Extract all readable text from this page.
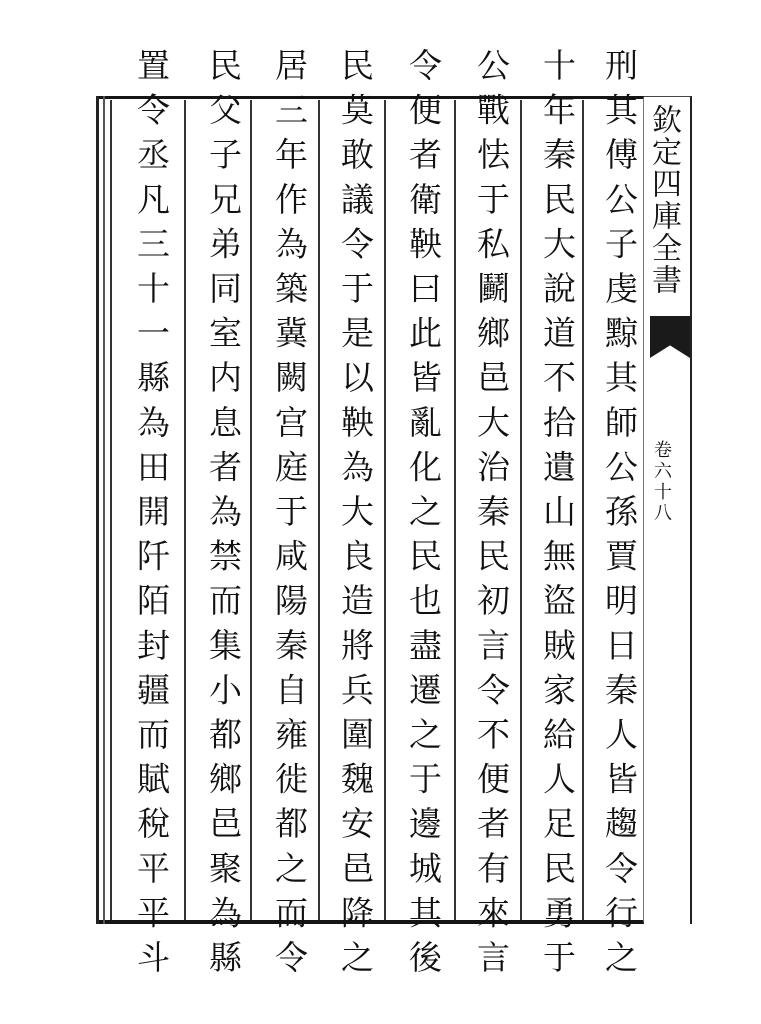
欽定四庫全書
卷六十八
刑其傅公子虔黥其師公孫賈明日秦人皆趨令行之
十年秦民大說道不拾遺山無盜賊家給人足民勇于
公戰怯于私鬬鄉邑大治秦民初言令不便者有來言
令便者衛鞅曰此皆亂化之民也盡遷之于邊城其後
民莫敢議令于是以鞅為大良造將兵圍魏安邑降之
居三年作為築冀闕宫庭于咸陽秦自雍徙都之而令
民父子兄弟同室内息者為禁而集小都鄉邑聚為縣
置令丞凡三十一縣為田開阡陌封疆而賦稅平平斗
